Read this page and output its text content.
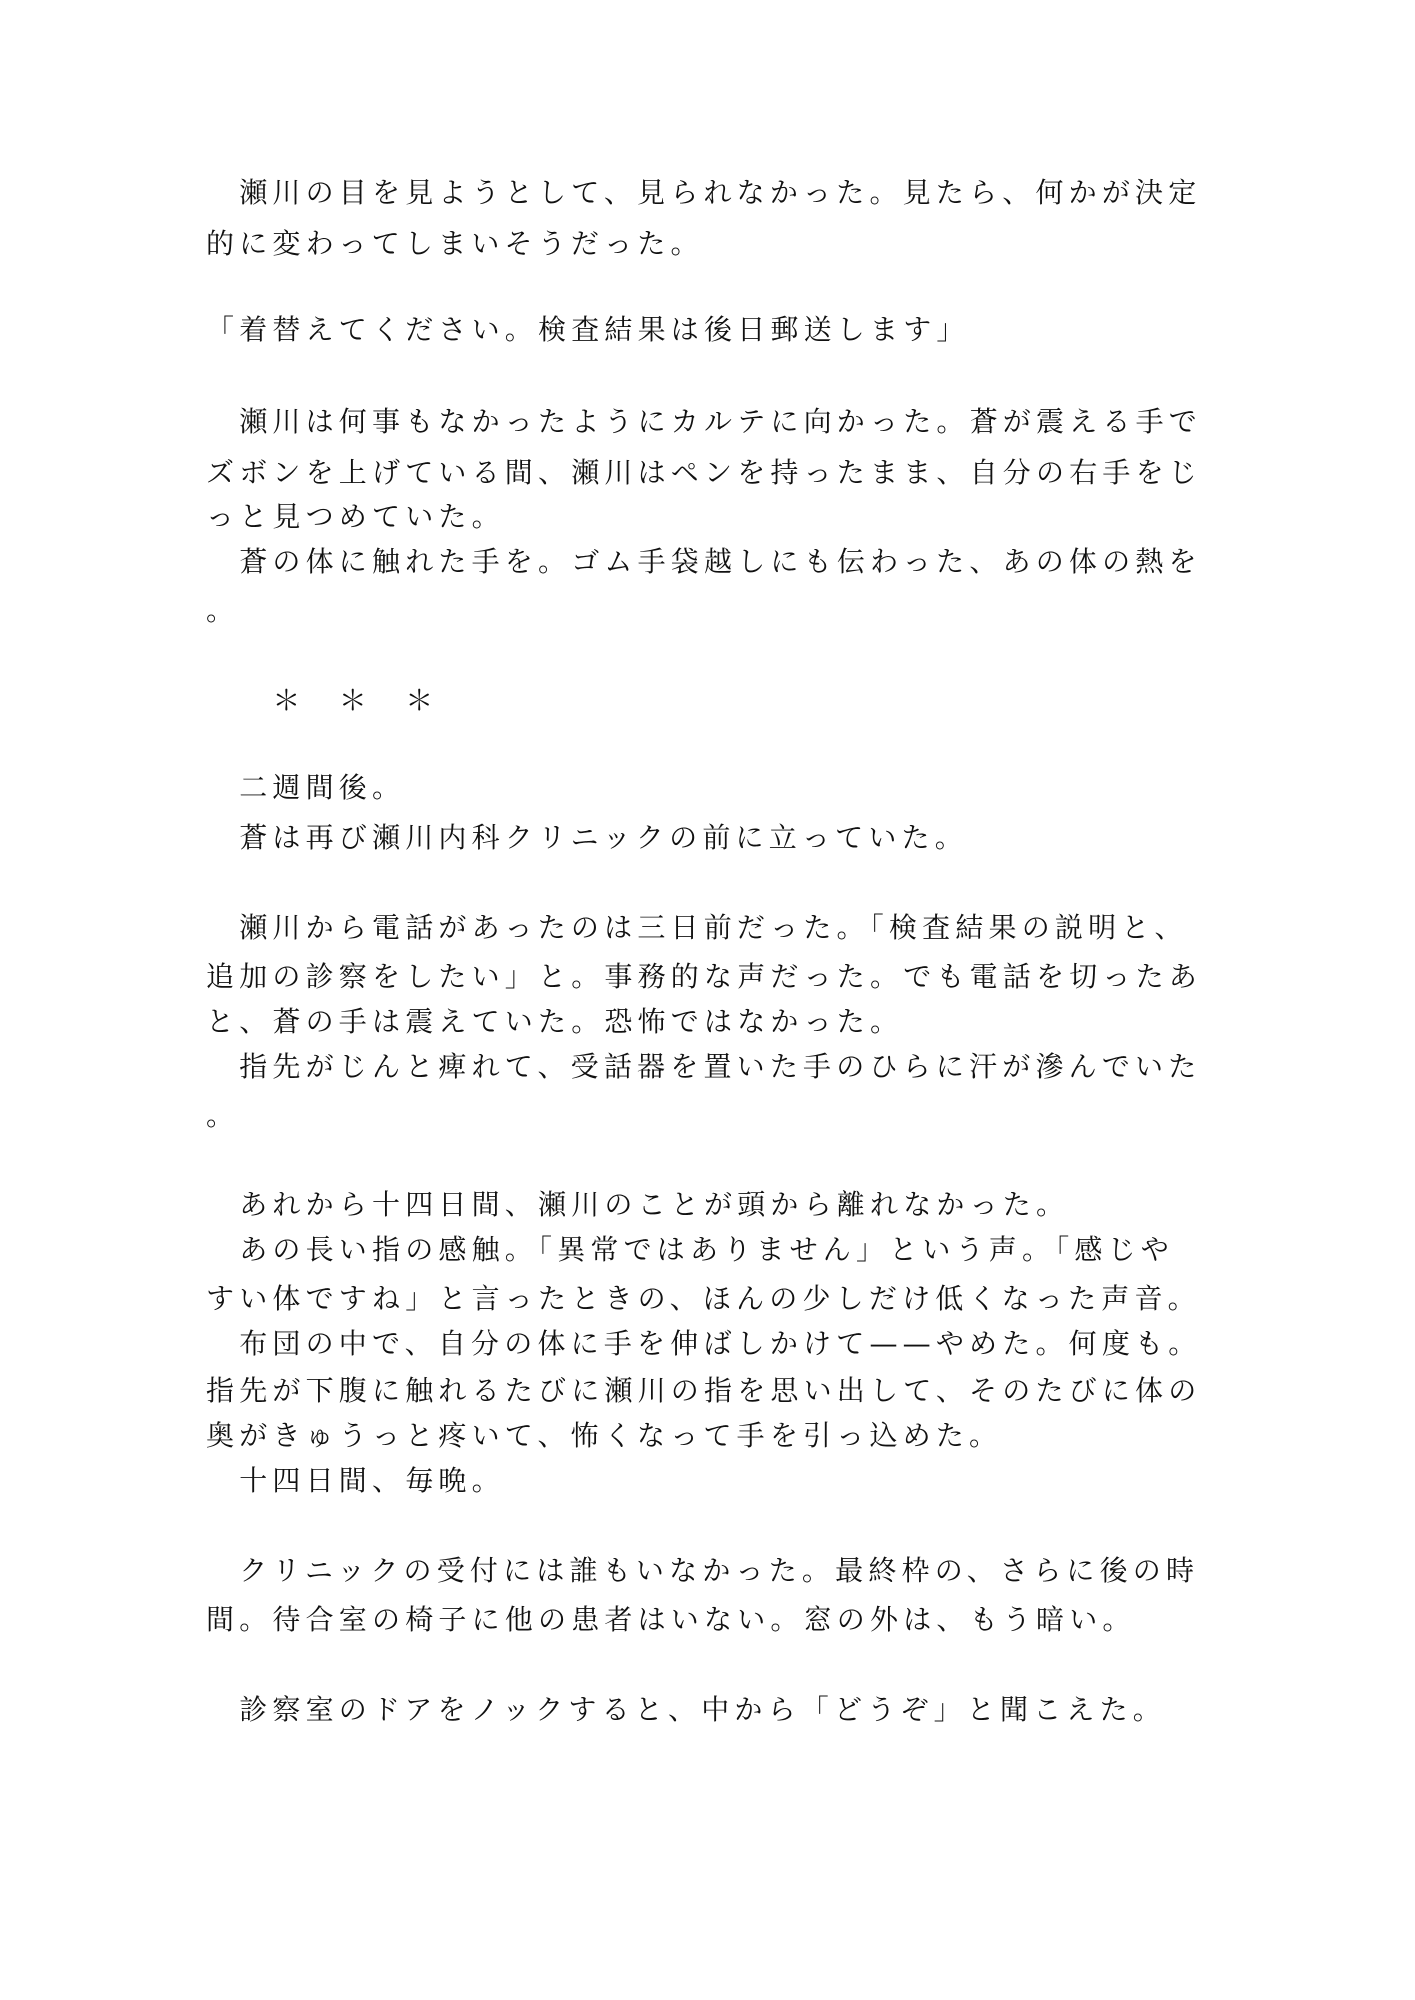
　瀬川の目を見ようとして、見られなかった。見たら、何かが決定
的に変わってしまいそうだった。
「着替えてください。検査結果は後日郵送します」
　瀬川は何事もなかったようにカルテに向かった。蒼が震える手で
ズボンを上げている間、瀬川はペンを持ったまま、自分の右手をじ
っと見つめていた。
　蒼の体に触れた手を。ゴム手袋越しにも伝わった、あの体の熱を
。
　　＊　＊　＊
　二週間後。
　蒼は再び瀬川内科クリニックの前に立っていた。
　瀬川から電話があったのは三日前だった。「検査結果の説明と、
追加の診察をしたい」と。事務的な声だった。でも電話を切ったあ
と、蒼の手は震えていた。恐怖ではなかった。
　指先がじんと痺れて、受話器を置いた手のひらに汗が滲んでいた
。
　あれから十四日間、瀬川のことが頭から離れなかった。
　あの長い指の感触。「異常ではありません」という声。「感じや
すい体ですね」と言ったときの、ほんの少しだけ低くなった声音。
　布団の中で、自分の体に手を伸ばしかけて——やめた。何度も。
指先が下腹に触れるたびに瀬川の指を思い出して、そのたびに体の
奥がきゅうっと疼いて、怖くなって手を引っ込めた。
　十四日間、毎晩。
　クリニックの受付には誰もいなかった。最終枠の、さらに後の時
間。待合室の椅子に他の患者はいない。窓の外は、もう暗い。
　診察室のドアをノックすると、中から「どうぞ」と聞こえた。
